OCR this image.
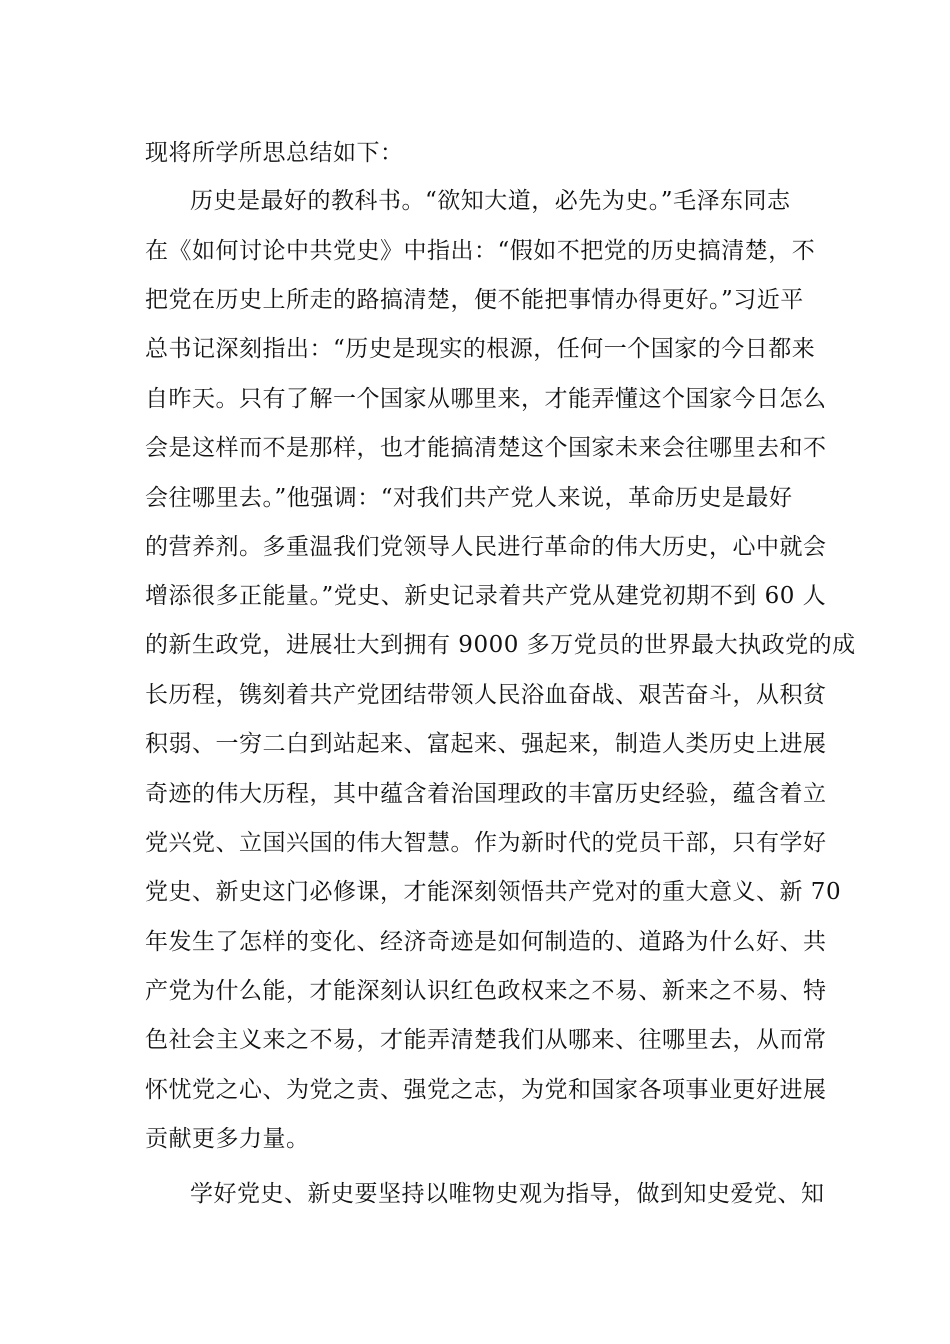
现将所学所思总结如下：
历史是最好的教科书。“欲知大道，必先为史。”毛泽东同志
在《如何讨论中共党史》中指出：“假如不把党的历史搞清楚，不
把党在历史上所走的路搞清楚，便不能把事情办得更好。”习近平
总书记深刻指出：“历史是现实的根源，任何一个国家的今日都来
自昨天。只有了解一个国家从哪里来，才能弄懂这个国家今日怎么
会是这样而不是那样，也才能搞清楚这个国家未来会往哪里去和不
会往哪里去。”他强调：“对我们共产党人来说，革命历史是最好
的营养剂。多重温我们党领导人民进行革命的伟大历史，心中就会
增添很多正能量。”党史、新史记录着共产党从建党初期不到 60 人
的新生政党，进展壮大到拥有 9000 多万党员的世界最大执政党的成
长历程，镌刻着共产党团结带领人民浴血奋战、艰苦奋斗，从积贫
积弱、一穷二白到站起来、富起来、强起来，制造人类历史上进展
奇迹的伟大历程，其中蕴含着治国理政的丰富历史经验，蕴含着立
党兴党、立国兴国的伟大智慧。作为新时代的党员干部，只有学好
党史、新史这门必修课，才能深刻领悟共产党对的重大意义、新 70
年发生了怎样的变化、经济奇迹是如何制造的、道路为什么好、共
产党为什么能，才能深刻认识红色政权来之不易、新来之不易、特
色社会主义来之不易，才能弄清楚我们从哪来、往哪里去，从而常
怀忧党之心、为党之责、强党之志，为党和国家各项事业更好进展
贡献更多力量。
学好党史、新史要坚持以唯物史观为指导，做到知史爱党、知
